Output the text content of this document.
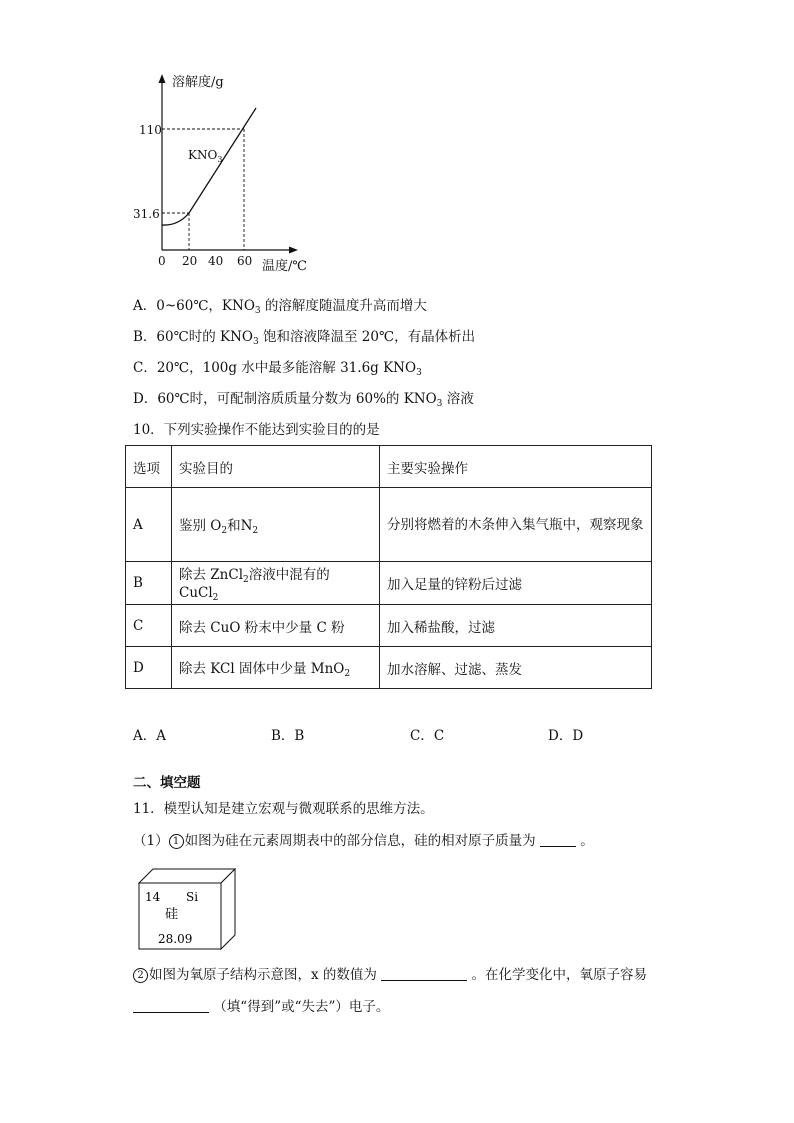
溶解度/g
温度/℃
$KNO_3$
110
31.6
0 20 40 60
A．0~60℃，$KNO_3$ 的溶解度随温度升高而增大
B．60℃时的 $KNO_3$ 饱和溶液降温至 20℃，有晶体析出
C．20℃，100g 水中最多能溶解 31.6g $KNO_3$
D．60℃时，可配制溶质质量分数为 60%的 $KNO_3$ 溶液
10．下列实验操作不能达到实验目的的是
选项	实验目的	主要实验操作
A	鉴别 $O_2$和$N_2$	分别将燃着的木条伸入集气瓶中，观察现象
B	除去 ZnCl$_2$溶液中混有的 CuCl$_2$	加入足量的锌粉后过滤
C	除去 CuO 粉末中少量 C 粉	加入稀盐酸，过滤
D	除去 KCl 固体中少量 MnO$_2$	加水溶解、过滤、蒸发
A．A	B．B	C．C	D．D
二、填空题
11．模型认知是建立宏观与微观联系的思维方法。
（1） 1 如图为硅在元素周期表中的部分信息，硅的相对原子质量为	。
14 Si
硅
28.09
2 如图为氧原子结构示意图，x 的数值为	。在化学变化中，氧原子容易
（填“得到”或“失去”）电子。
